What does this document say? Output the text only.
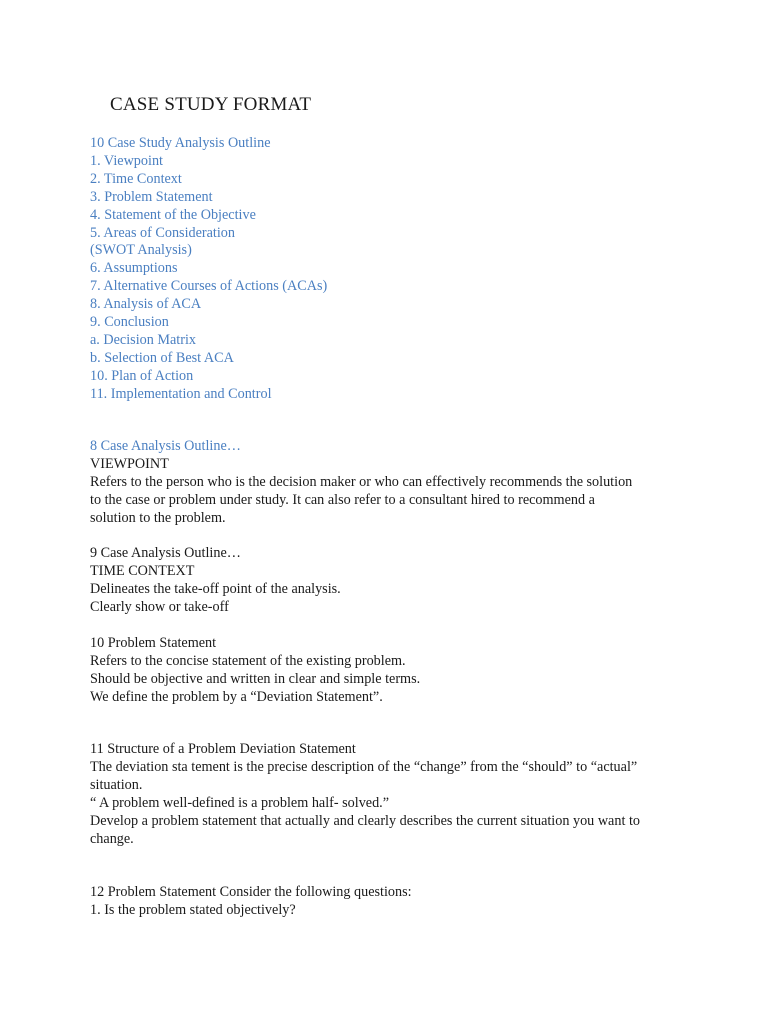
CASE STUDY FORMAT
10 Case Study Analysis Outline
1. Viewpoint
2. Time Context
3. Problem Statement
4. Statement of the Objective
5. Areas of Consideration
(SWOT Analysis)
6. Assumptions
7. Alternative Courses of Actions (ACAs)
8. Analysis of ACA
9. Conclusion
a. Decision Matrix
b. Selection of Best ACA
10. Plan of Action
11. Implementation and Control
8 Case Analysis Outline…
VIEWPOINT
Refers to the person who is the decision maker or who can effectively recommends the solution
to the case or problem under study. It can also refer to a consultant hired to recommend a
solution to the problem.
9 Case Analysis Outline…
TIME CONTEXT
Delineates the take-off point of the analysis.
Clearly show or take-off
10 Problem Statement
Refers to the concise statement of the existing problem.
Should be objective and written in clear and simple terms.
We define the problem by a “Deviation Statement”.
11 Structure of a Problem Deviation Statement
The deviation sta tement is the precise description of the “change” from the “should” to “actual”
situation.
“ A problem well-defined is a problem half- solved.”
Develop a problem statement that actually and clearly describes the current situation you want to
change.
12 Problem Statement Consider the following questions:
1. Is the problem stated objectively?
